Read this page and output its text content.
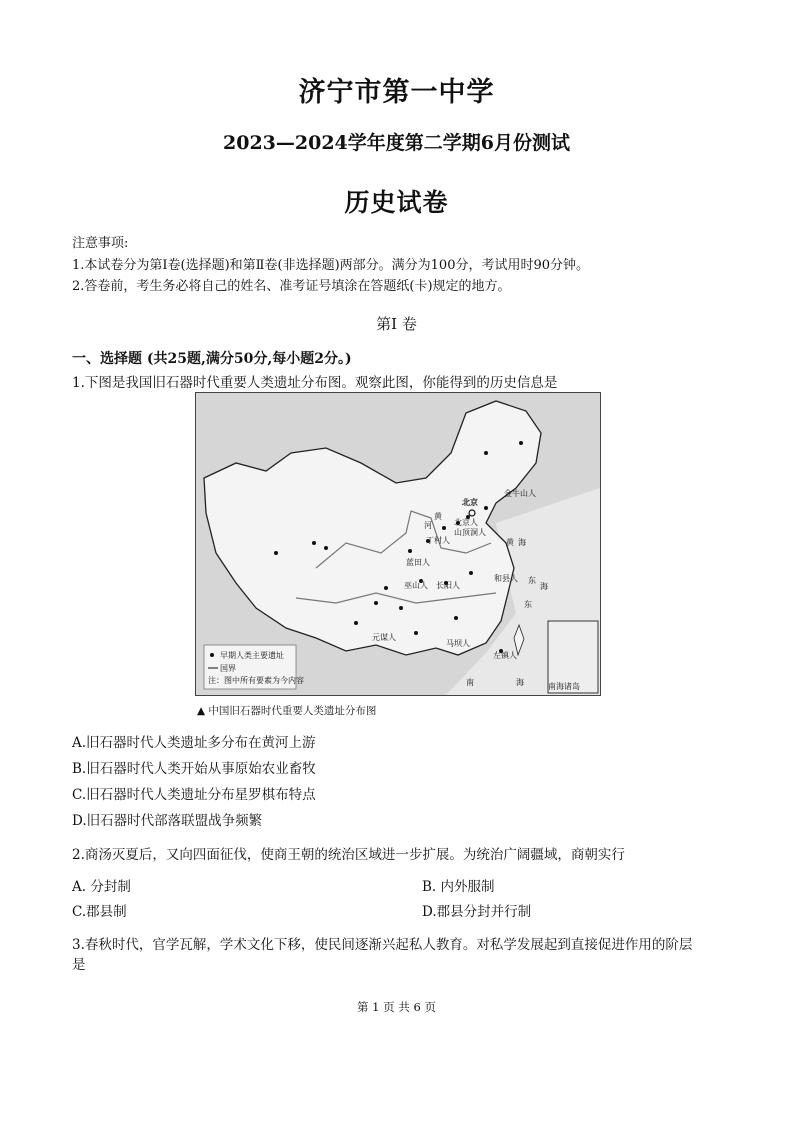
济宁市第一中学
2023—2024学年度第二学期6月份测试
历史试卷
注意事项:
1.本试卷分为第Ⅰ卷(选择题)和第Ⅱ卷(非选择题)两部分。满分为100分，考试用时90分钟。
2.答卷前，考生务必将自己的姓名、准考证号填涂在答题纸(卡)规定的地方。
第Ⅰ 卷
一、选择题 (共25题,满分50分,每小题2分。)
1.下图是我国旧石器时代重要人类遗址分布图。观察此图，你能得到的历史信息是
北京
金牛山人
北京人
山顶洞人
丁村人
蓝田人
和县人
巫山人 长阳人
元谋人
马坝人
左镇人
黄
河
黄 海
东
海
东
南	海	南海诸岛
早期人类主要遗址
国界
注：图中所有要素为今内容
▲ 中国旧石器时代重要人类遗址分布图
A.旧石器时代人类遗址多分布在黄河上游
B.旧石器时代人类开始从事原始农业畜牧
C.旧石器时代人类遗址分布星罗棋布特点
D.旧石器时代部落联盟战争频繁
2.商汤灭夏后，又向四面征伐，使商王朝的统治区域进一步扩展。为统治广阔疆域，商朝实行
A. 分封制	B. 内外服制
C.郡县制	D.郡县分封并行制
3.春秋时代，官学瓦解，学术文化下移，使民间逐渐兴起私人教育。对私学发展起到直接促进作用的阶层
是
第 1 页 共 6 页
